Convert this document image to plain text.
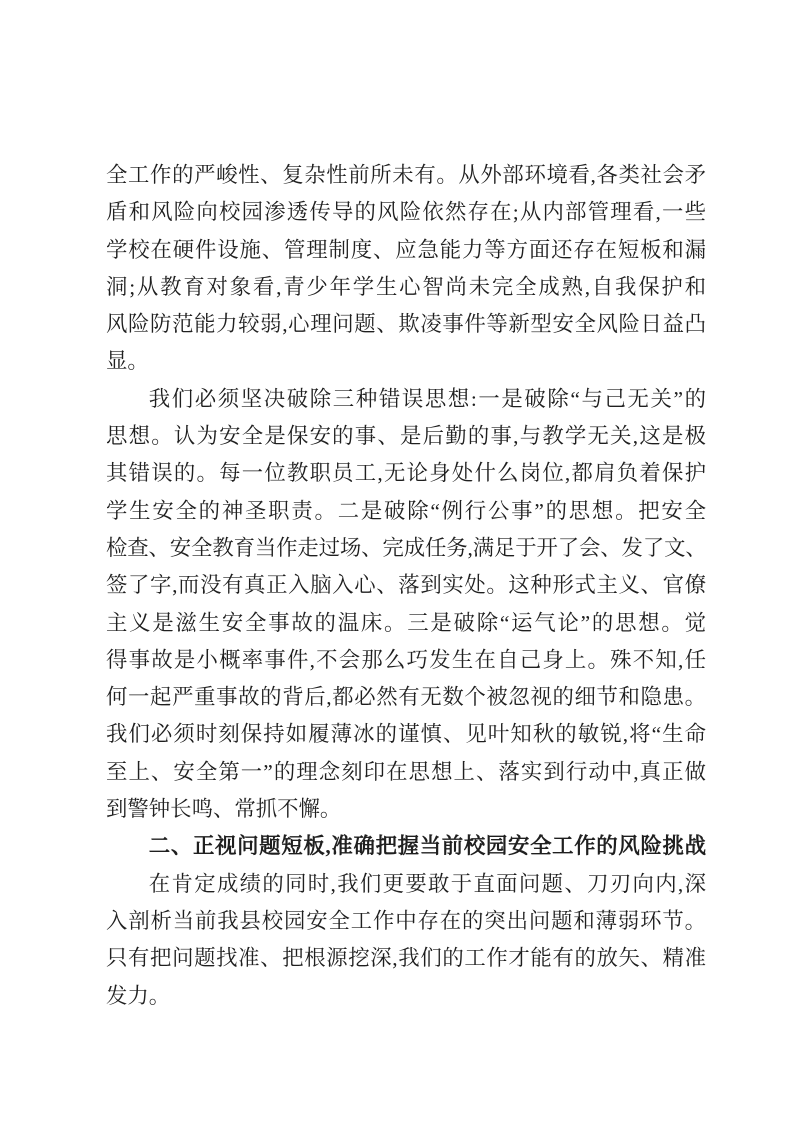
全工作的严峻性、复杂性前所未有。从外部环境看,各类社会矛
盾和风险向校园渗透传导的风险依然存在;从内部管理看,一些
学校在硬件设施、管理制度、应急能力等方面还存在短板和漏
洞;从教育对象看,青少年学生心智尚未完全成熟,自我保护和
风险防范能力较弱,心理问题、欺凌事件等新型安全风险日益凸
显。
我们必须坚决破除三种错误思想:一是破除“与己无关”的
思想。认为安全是保安的事、是后勤的事,与教学无关,这是极
其错误的。每一位教职员工,无论身处什么岗位,都肩负着保护
学生安全的神圣职责。二是破除“例行公事”的思想。把安全
检查、安全教育当作走过场、完成任务,满足于开了会、发了文、
签了字,而没有真正入脑入心、落到实处。这种形式主义、官僚
主义是滋生安全事故的温床。三是破除“运气论”的思想。觉
得事故是小概率事件,不会那么巧发生在自己身上。殊不知,任
何一起严重事故的背后,都必然有无数个被忽视的细节和隐患。
我们必须时刻保持如履薄冰的谨慎、见叶知秋的敏锐,将“生命
至上、安全第一”的理念刻印在思想上、落实到行动中,真正做
到警钟长鸣、常抓不懈。
二、正视问题短板,准确把握当前校园安全工作的风险挑战
在肯定成绩的同时,我们更要敢于直面问题、刀刃向内,深
入剖析当前我县校园安全工作中存在的突出问题和薄弱环节。
只有把问题找准、把根源挖深,我们的工作才能有的放矢、精准
发力。
